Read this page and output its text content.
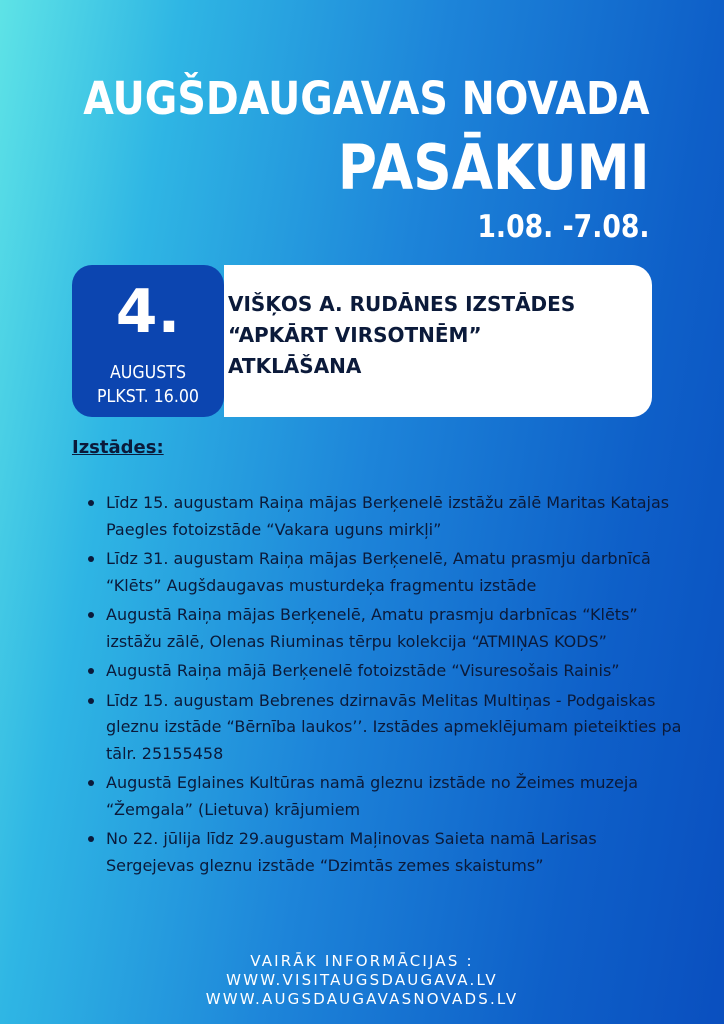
AUGŠDAUGAVAS NOVADA
PASĀKUMI
1.08. -7.08.
4.
AUGUSTS
PLKST. 16.00
VIŠĶOS A. RUDĀNES IZSTĀDES
“APKĀRT VIRSOTNĒM”
ATKLĀŠANA
Izstādes:
Līdz 15. augustam Raiņa mājas Berķenelē izstāžu zālē Maritas Katajas Paegles fotoizstāde “Vakara uguns mirkļi”
Līdz 31. augustam Raiņa mājas Berķenelē, Amatu prasmju darbnīcā “Klēts” Augšdaugavas musturdeķa fragmentu izstāde
Augustā Raiņa mājas Berķenelē, Amatu prasmju darbnīcas “Klēts” izstāžu zālē, Olenas Riuminas tērpu kolekcija “ATMIŅAS KODS”
Augustā Raiņa mājā Berķenelē fotoizstāde “Visuresošais Rainis”
Līdz 15. augustam Bebrenes dzirnavās Melitas Multiņas - Podgaiskas gleznu izstāde “Bērnība laukos’’. Izstādes apmeklējumam pieteikties pa tālr. 25155458
Augustā Eglaines Kultūras namā gleznu izstāde no Žeimes muzeja “Žemgala” (Lietuva) krājumiem
No 22. jūlija līdz 29.augustam Maļinovas Saieta namā Larisas Sergejevas gleznu izstāde “Dzimtās zemes skaistums”
VAIRĀK INFORMĀCIJAS :
WWW.VISITAUGSDAUGAVA.LV
WWW.AUGSDAUGAVASNOVADS.LV
